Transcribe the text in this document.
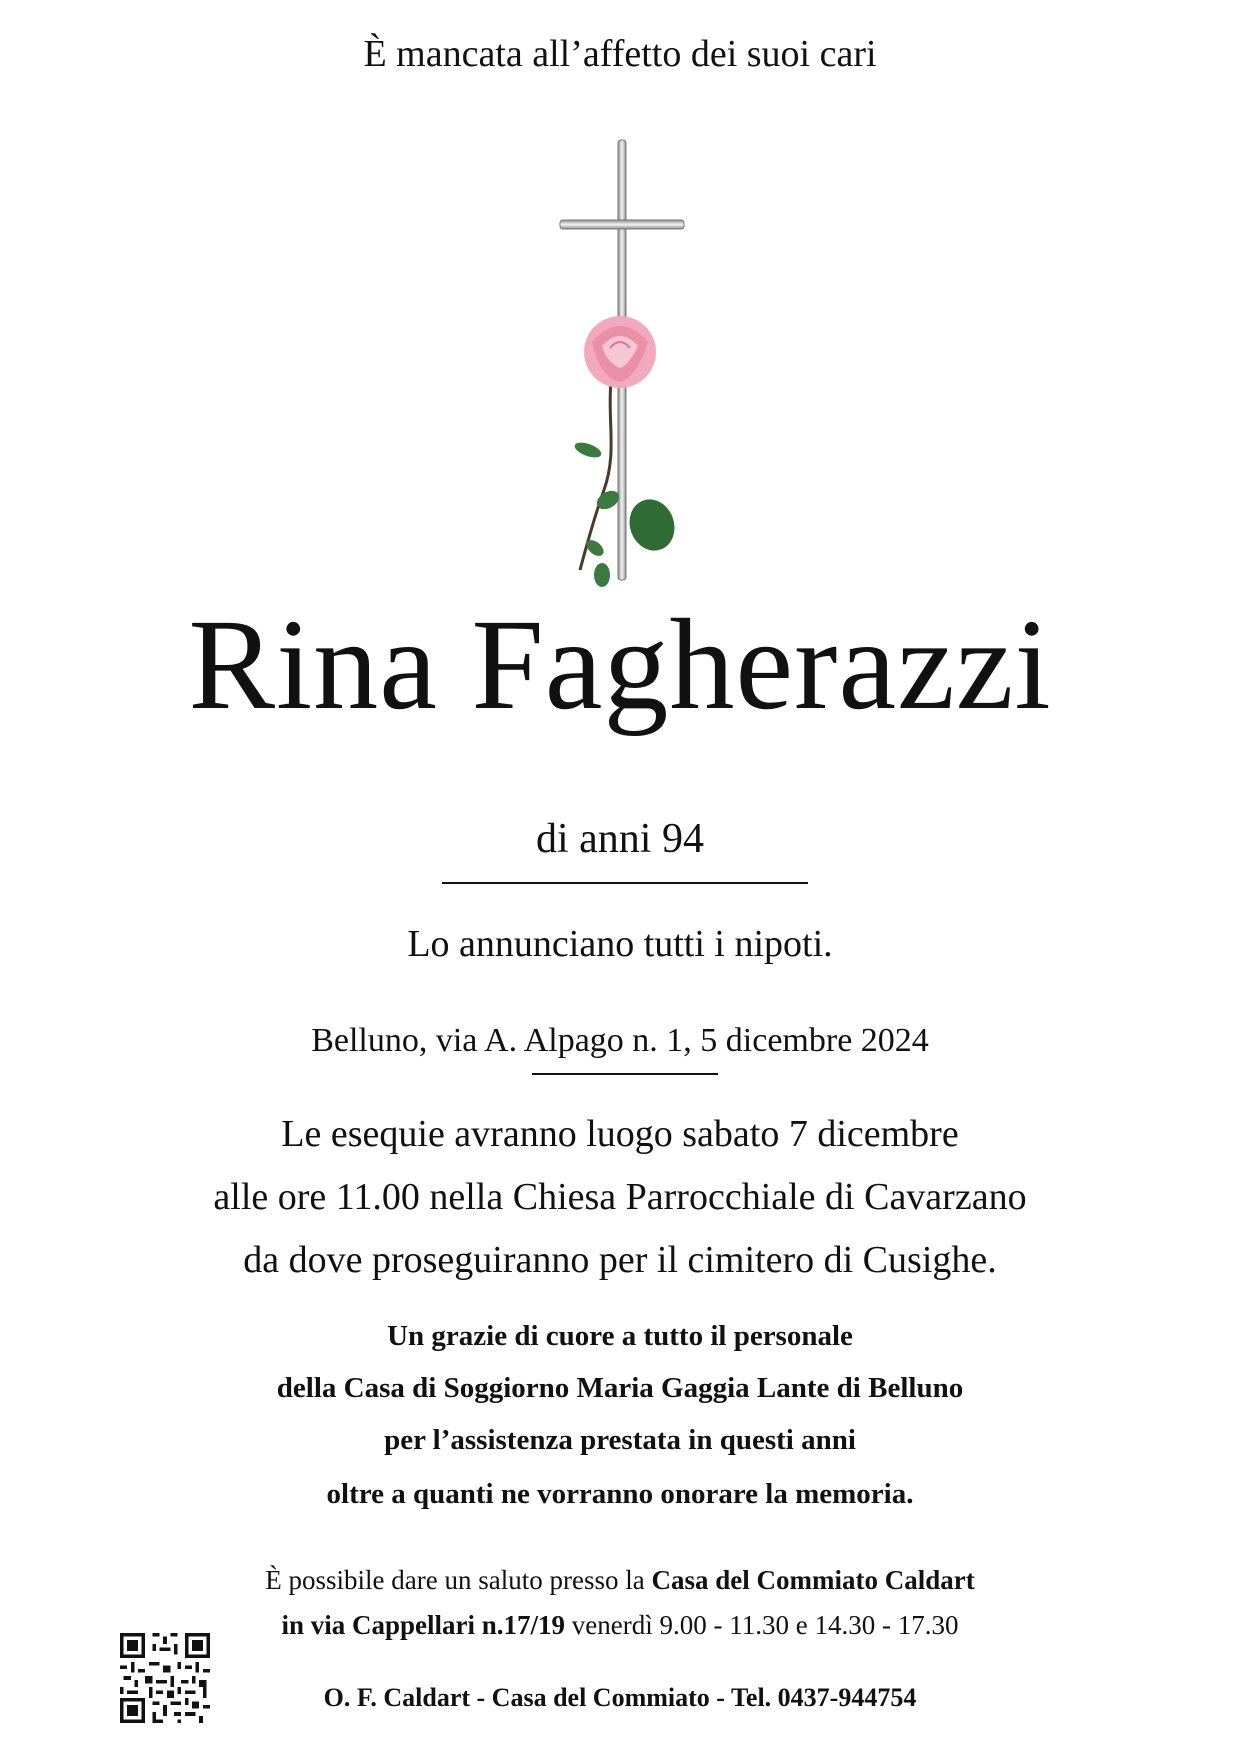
È mancata all’affetto dei suoi cari
Rina Fagherazzi
di anni 94
Lo annunciano tutti i nipoti.
Belluno, via A. Alpago n. 1, 5 dicembre 2024
Le esequie avranno luogo sabato 7 dicembre
alle ore 11.00 nella Chiesa Parrocchiale di Cavarzano
da dove proseguiranno per il cimitero di Cusighe.
Un grazie di cuore a tutto il personale
della Casa di Soggiorno Maria Gaggia Lante di Belluno
per l’assistenza prestata in questi anni
oltre a quanti ne vorranno onorare la memoria.
È possibile dare un saluto presso la Casa del Commiato Caldart
in via Cappellari n.17/19 venerdì 9.00 - 11.30 e 14.30 - 17.30
O. F. Caldart - Casa del Commiato - Tel. 0437-944754
